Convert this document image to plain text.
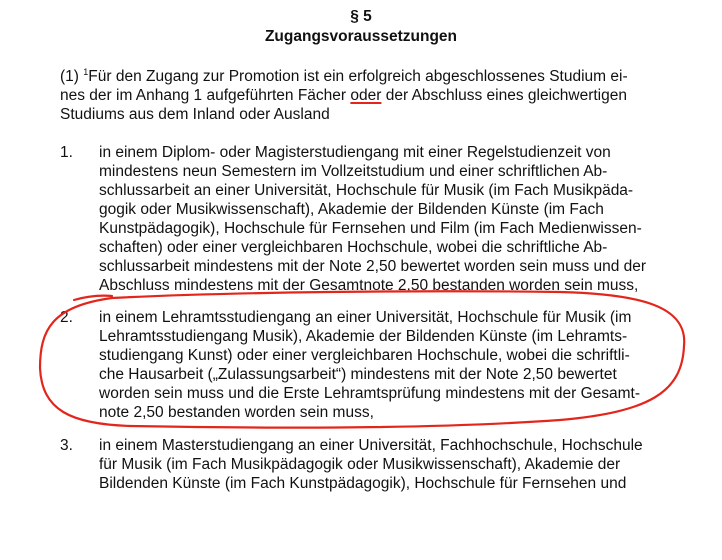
§ 5
Zugangsvoraussetzungen
(1) $^1$Für den Zugang zur Promotion ist ein erfolgreich abgeschlossenes Studium ei-
nes der im Anhang 1 aufgeführten Fächer oder der Abschluss eines gleichwertigen
Studiums aus dem Inland oder Ausland
1. in einem Diplom- oder Magisterstudiengang mit einer Regelstudienzeit von
mindestens neun Semestern im Vollzeitstudium und einer schriftlichen Ab-
schlussarbeit an einer Universität, Hochschule für Musik (im Fach Musikpäda-
gogik oder Musikwissenschaft), Akademie der Bildenden Künste (im Fach
Kunstpädagogik), Hochschule für Fernsehen und Film (im Fach Medienwissen-
schaften) oder einer vergleichbaren Hochschule, wobei die schriftliche Ab-
schlussarbeit mindestens mit der Note 2,50 bewertet worden sein muss und der
Abschluss mindestens mit der Gesamtnote 2,50 bestanden worden sein muss,
2. in einem Lehramtsstudiengang an einer Universität, Hochschule für Musik (im
Lehramtsstudiengang Musik), Akademie der Bildenden Künste (im Lehramts-
studiengang Kunst) oder einer vergleichbaren Hochschule, wobei die schriftli-
che Hausarbeit („Zulassungsarbeit“) mindestens mit der Note 2,50 bewertet
worden sein muss und die Erste Lehramtsprüfung mindestens mit der Gesamt-
note 2,50 bestanden worden sein muss,
3. in einem Masterstudiengang an einer Universität, Fachhochschule, Hochschule
für Musik (im Fach Musikpädagogik oder Musikwissenschaft), Akademie der
Bildenden Künste (im Fach Kunstpädagogik), Hochschule für Fernsehen und
